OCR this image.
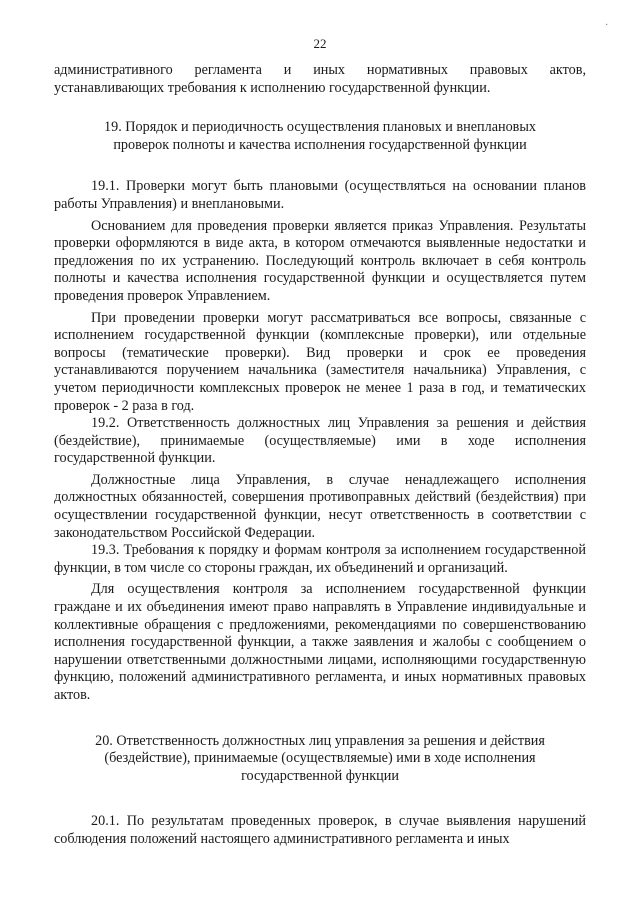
·
22

административного регламента и иных нормативных правовых актов, устанавливающих требования к исполнению государственной функции.

19. Порядок и периодичность осуществления плановых и внеплановых проверок полноты и качества исполнения государственной функции

19.1. Проверки могут быть плановыми (осуществляться на основании планов работы Управления) и внеплановыми.

Основанием для проведения проверки является приказ Управления. Результаты проверки оформляются в виде акта, в котором отмечаются выявленные недостатки и предложения по их устранению. Последующий контроль включает в себя контроль полноты и качества исполнения государственной функции и осуществляется путем проведения проверок Управлением.

При проведении проверки могут рассматриваться все вопросы, связанные с исполнением государственной функции (комплексные проверки), или отдельные вопросы (тематические проверки). Вид проверки и срок ее проведения устанавливаются поручением начальника (заместителя начальника) Управления, с учетом периодичности комплексных проверок не менее 1 раза в год, и тематических проверок - 2 раза в год.

19.2. Ответственность должностных лиц Управления за решения и действия (бездействие), принимаемые (осуществляемые) ими в ходе исполнения государственной функции.

Должностные лица Управления, в случае ненадлежащего исполнения должностных обязанностей, совершения противоправных действий (бездействия) при осуществлении государственной функции, несут ответственность в соответствии с законодательством Российской Федерации.

19.3. Требования к порядку и формам контроля за исполнением государственной функции, в том числе со стороны граждан, их объединений и организаций.

Для осуществления контроля за исполнением государственной функции граждане и их объединения имеют право направлять в Управление индивидуальные и коллективные обращения с предложениями, рекомендациями по совершенствованию исполнения государственной функции, а также заявления и жалобы с сообщением о нарушении ответственными должностными лицами, исполняющими государственную функцию, положений административного регламента, и иных нормативных правовых актов.

20. Ответственность должностных лиц управления за решения и действия (бездействие), принимаемые (осуществляемые) ими в ходе исполнения государственной функции

20.1. По результатам проведенных проверок, в случае выявления нарушений соблюдения положений настоящего административного регламента и иных
